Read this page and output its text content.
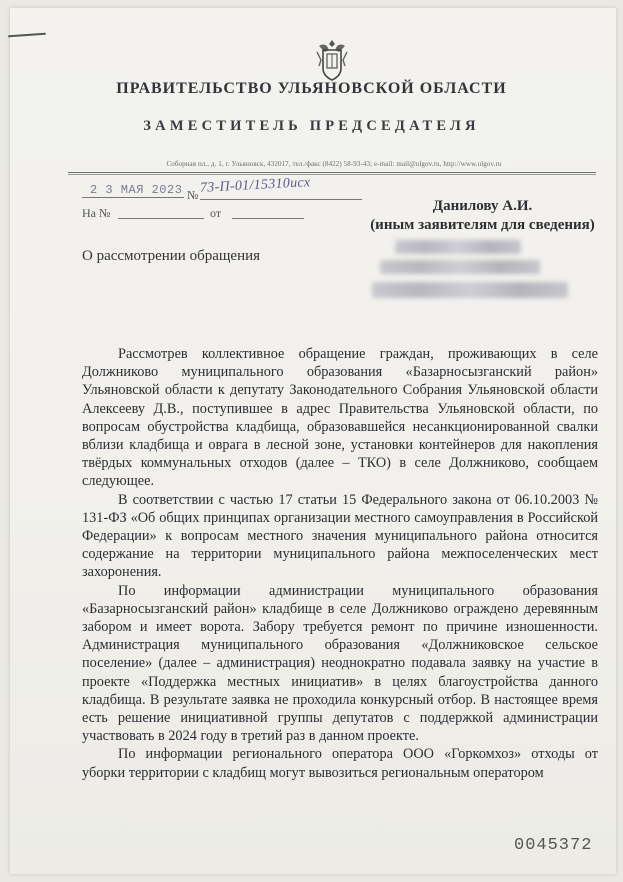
ПРАВИТЕЛЬСТВО УЛЬЯНОВСКОЙ ОБЛАСТИ
ЗАМЕСТИТЕЛЬ ПРЕДСЕДАТЕЛЯ
Соборная пл., д. 1, г. Ульяновск, 432017, тел./факс (8422) 58-93-43; e-mail: mail@ulgov.ru, http://www.ulgov.ru
2 3 МАЯ 2023 № 73-П-01/15310исх
На №	от	Данилову А.И.
(иным заявителям для сведения)
О рассмотрении обращения

Рассмотрев коллективное обращение граждан, проживающих в селе Должниково муниципального образования «Базарносызганский район» Ульяновской области к депутату Законодательного Собрания Ульяновской области Алексееву Д.В., поступившее в адрес Правительства Ульяновской области, по вопросам обустройства кладбища, образовавшейся несанкционированной свалки вблизи кладбища и оврага в лесной зоне, установки контейнеров для накопления твёрдых коммунальных отходов (далее – ТКО) в селе Должниково, сообщаем следующее.

В соответствии с частью 17 статьи 15 Федерального закона от 06.10.2003 № 131-ФЗ «Об общих принципах организации местного самоуправления в Российской Федерации» к вопросам местного значения муниципального района относится содержание на территории муниципального района межпоселенческих мест захоронения.

По информации администрации муниципального образования «Базарносызганский район» кладбище в селе Должниково ограждено деревянным забором и имеет ворота. Забору требуется ремонт по причине изношенности. Администрация муниципального образования «Должниковское сельское поселение» (далее – администрация) неоднократно подавала заявку на участие в проекте «Поддержка местных инициатив» в целях благоустройства данного кладбища. В результате заявка не проходила конкурсный отбор. В настоящее время есть решение инициативной группы депутатов с поддержкой администрации участвовать в 2024 году в третий раз в данном проекте.

По информации регионального оператора ООО «Горкомхоз» отходы от уборки территории с кладбищ могут вывозиться региональным оператором

0045372
